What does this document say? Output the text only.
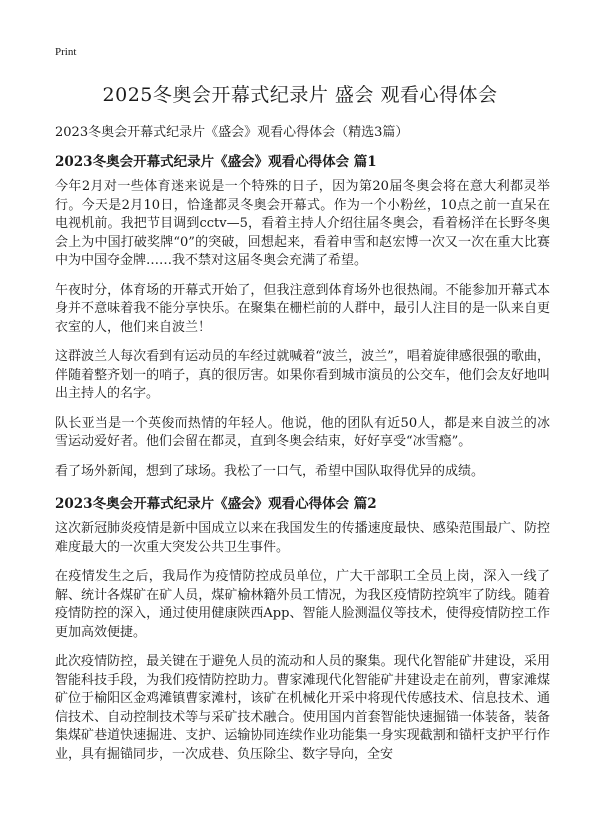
Print
2025冬奥会开幕式纪录片 盛会 观看心得体会
2023冬奥会开幕式纪录片《盛会》观看心得体会（精选3篇）
2023冬奥会开幕式纪录片《盛会》观看心得体会 篇1

今年2月对一些体育迷来说是一个特殊的日子，因为第20届冬奥会将在意大利都灵举行。今天是2月10日，恰逢都灵冬奥会开幕式。作为一个小粉丝，10点之前一直呆在电视机前。我把节目调到cctv—5，看着主持人介绍往届冬奥会，看着杨洋在长野冬奥会上为中国打破奖牌“0”的突破，回想起来，看着申雪和赵宏博一次又一次在重大比赛中为中国夺金牌……我不禁对这届冬奥会充满了希望。

午夜时分，体育场的开幕式开始了，但我注意到体育场外也很热闹。不能参加开幕式本身并不意味着我不能分享快乐。在聚集在栅栏前的人群中，最引人注目的是一队来自更衣室的人，他们来自波兰！

这群波兰人每次看到有运动员的车经过就喊着“波兰，波兰”，唱着旋律感很强的歌曲，伴随着整齐划一的哨子，真的很厉害。如果你看到城市演员的公交车，他们会友好地叫出主持人的名字。

队长亚当是一个英俊而热情的年轻人。他说，他的团队有近50人，都是来自波兰的冰雪运动爱好者。他们会留在都灵，直到冬奥会结束，好好享受“冰雪瘾”。

看了场外新闻，想到了球场。我松了一口气，希望中国队取得优异的成绩。

2023冬奥会开幕式纪录片《盛会》观看心得体会 篇2

这次新冠肺炎疫情是新中国成立以来在我国发生的传播速度最快、感染范围最广、防控难度最大的一次重大突发公共卫生事件。

在疫情发生之后，我局作为疫情防控成员单位，广大干部职工全员上岗，深入一线了解、统计各煤矿在矿人员，煤矿榆林籍外员工情况，为我区疫情防控筑牢了防线。随着疫情防控的深入，通过使用健康陕西App、智能人脸测温仪等技术，使得疫情防控工作更加高效便捷。

此次疫情防控，最关键在于避免人员的流动和人员的聚集。现代化智能矿井建设，采用智能科技手段，为我们疫情防控助力。曹家滩现代化智能矿井建设走在前列，曹家滩煤矿位于榆阳区金鸡滩镇曹家滩村，该矿在机械化开采中将现代传感技术、信息技术、通信技术、自动控制技术等与采矿技术融合。使用国内首套智能快速掘锚一体装备，装备集煤矿巷道快速掘进、支护、运输协同连续作业功能集一身实现截割和锚杆支护平行作业，具有掘锚同步，一次成巷、负压除尘、数字导向，全安
